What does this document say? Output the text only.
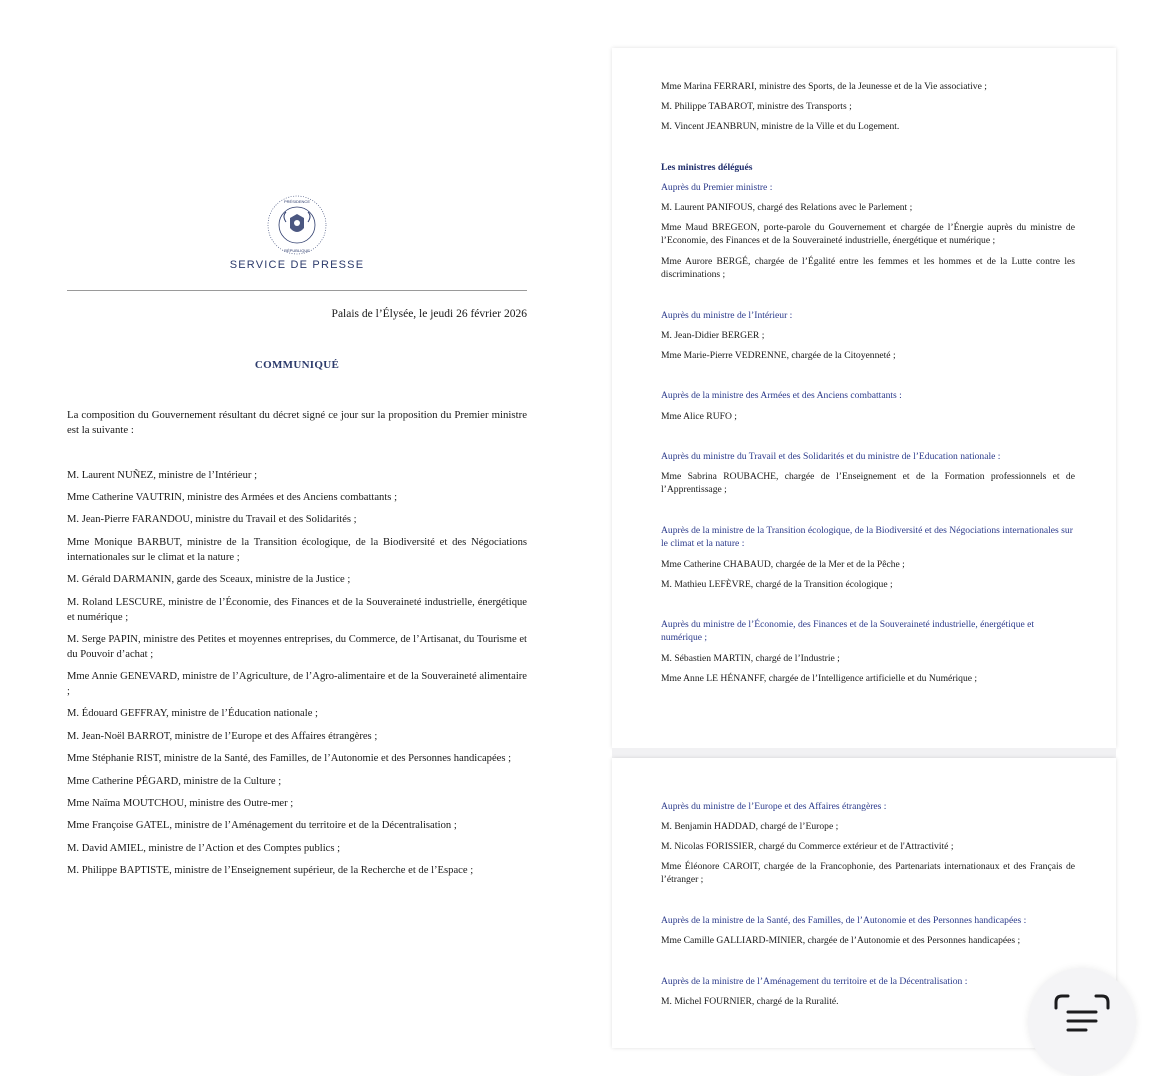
PRÉSIDENCE
RÉPUBLIQUE
SERVICE DE PRESSE
Palais de l’Élysée, le jeudi 26 février 2026
COMMUNIQUÉ
La composition du Gouvernement résultant du décret signé ce jour sur la proposition du Premier ministre est la suivante :
M. Laurent NUÑEZ, ministre de l’Intérieur ;
Mme Catherine VAUTRIN, ministre des Armées et des Anciens combattants ;
M. Jean-Pierre FARANDOU, ministre du Travail et des Solidarités ;
Mme Monique BARBUT, ministre de la Transition écologique, de la Biodiversité et des Négociations internationales sur le climat et la nature ;
M. Gérald DARMANIN, garde des Sceaux, ministre de la Justice ;
M. Roland LESCURE, ministre de l’Économie, des Finances et de la Souveraineté industrielle, énergétique et numérique ;
M. Serge PAPIN, ministre des Petites et moyennes entreprises, du Commerce, de l’Artisanat, du Tourisme et du Pouvoir d’achat ;
Mme Annie GENEVARD, ministre de l’Agriculture, de l’Agro-alimentaire et de la Souveraineté alimentaire ;
M. Édouard GEFFRAY, ministre de l’Éducation nationale ;
M. Jean-Noël BARROT, ministre de l’Europe et des Affaires étrangères ;
Mme Stéphanie RIST, ministre de la Santé, des Familles, de l’Autonomie et des Personnes handicapées ;
Mme Catherine PÉGARD, ministre de la Culture ;
Mme Naïma MOUTCHOU, ministre des Outre-mer ;
Mme Françoise GATEL, ministre de l’Aménagement du territoire et de la Décentralisation ;
M. David AMIEL, ministre de l’Action et des Comptes publics ;
M. Philippe BAPTISTE, ministre de l’Enseignement supérieur, de la Recherche et de l’Espace ;
Mme Marina FERRARI, ministre des Sports, de la Jeunesse et de la Vie associative ;
M. Philippe TABAROT, ministre des Transports ;
M. Vincent JEANBRUN, ministre de la Ville et du Logement.
Les ministres délégués
Auprès du Premier ministre :
M. Laurent PANIFOUS, chargé des Relations avec le Parlement ;
Mme Maud BREGEON, porte-parole du Gouvernement et chargée de l’Énergie auprès du ministre de l’Economie, des Finances et de la Souveraineté industrielle, énergétique et numérique ;
Mme Aurore BERGÉ, chargée de l’Égalité entre les femmes et les hommes et de la Lutte contre les discriminations ;
Auprès du ministre de l’Intérieur :
M. Jean-Didier BERGER ;
Mme Marie-Pierre VEDRENNE, chargée de la Citoyenneté ;
Auprès de la ministre des Armées et des Anciens combattants :
Mme Alice RUFO ;
Auprès du ministre du Travail et des Solidarités et du ministre de l’Education nationale :
Mme Sabrina ROUBACHE, chargée de l’Enseignement et de la Formation professionnels et de l’Apprentissage ;
Auprès de la ministre de la Transition écologique, de la Biodiversité et des Négociations internationales sur le climat et la nature :
Mme Catherine CHABAUD, chargée de la Mer et de la Pêche ;
M. Mathieu LEFÈVRE, chargé de la Transition écologique ;
Auprès du ministre de l’Économie, des Finances et de la Souveraineté industrielle, énergétique et numérique ;
M. Sébastien MARTIN, chargé de l’Industrie ;
Mme Anne LE HÉNANFF, chargée de l’Intelligence artificielle et du Numérique ;
Auprès du ministre de l’Europe et des Affaires étrangères :
M. Benjamin HADDAD, chargé de l’Europe ;
M. Nicolas FORISSIER, chargé du Commerce extérieur et de l'Attractivité ;
Mme Éléonore CAROIT, chargée de la Francophonie, des Partenariats internationaux et des Français de l’étranger ;
Auprès de la ministre de la Santé, des Familles, de l’Autonomie et des Personnes handicapées :
Mme Camille GALLIARD-MINIER, chargée de l’Autonomie et des Personnes handicapées ;
Auprès de la ministre de l’Aménagement du territoire et de la Décentralisation :
M. Michel FOURNIER, chargé de la Ruralité.
